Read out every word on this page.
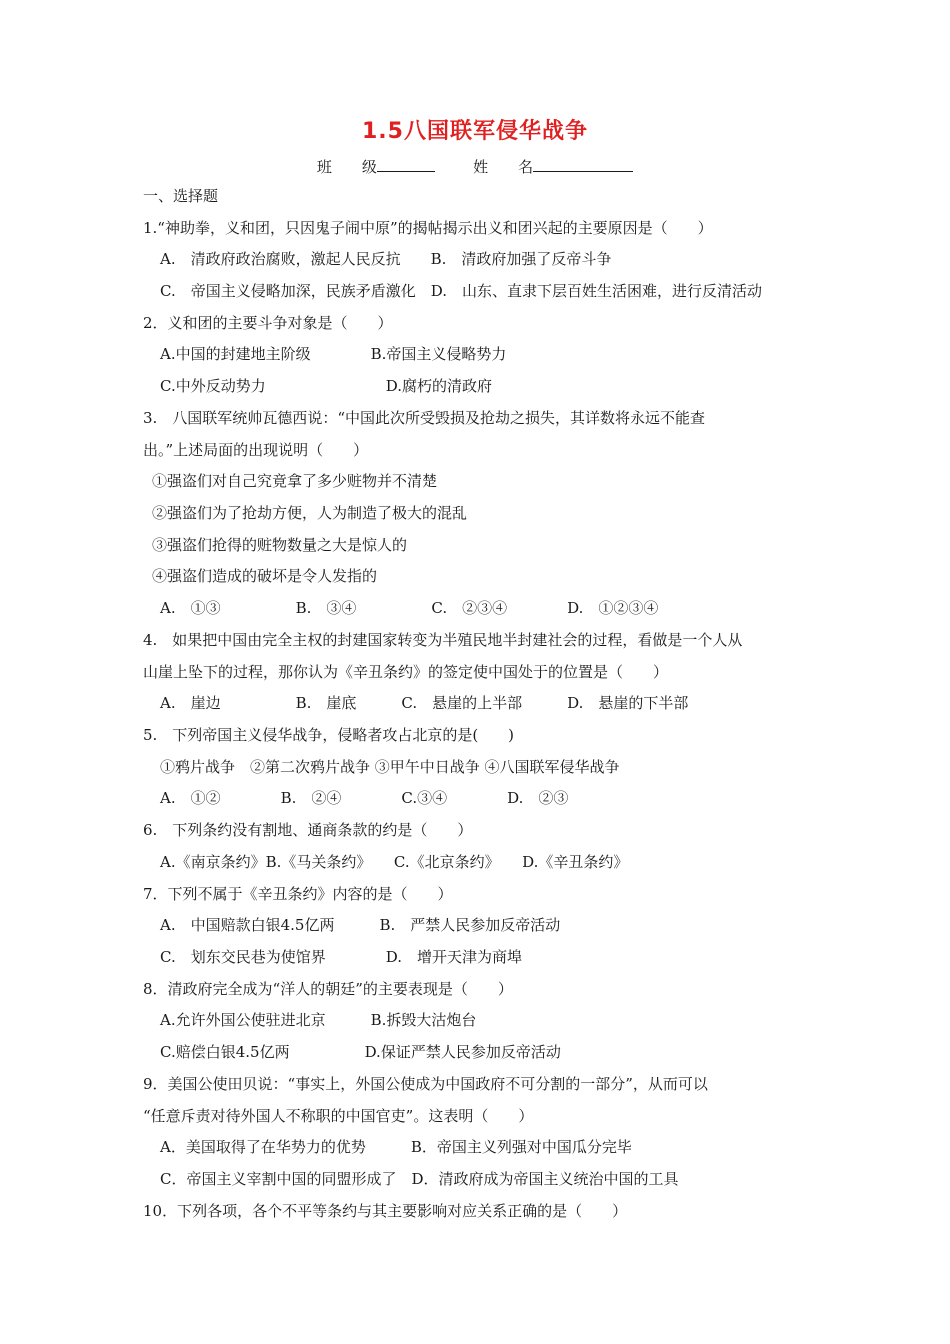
1.5八国联军侵华战争
班　　级	姓　　名
一、选择题
1.“神助拳，义和团，只因鬼子闹中原”的揭帖揭示出义和团兴起的主要原因是（　　）
A.　清政府政治腐败，激起人民反抗　　B.　清政府加强了反帝斗争
C.　帝国主义侵略加深，民族矛盾激化　D.　山东、直隶下层百姓生活困难，进行反清活动
2．义和团的主要斗争对象是（　　）
A.中国的封建地主阶级　　　　B.帝国主义侵略势力
C.中外反动势力　　　　　　　　D.腐朽的清政府
3.　八国联军统帅瓦德西说：“中国此次所受毁损及抢劫之损失，其详数将永远不能查
出。”上述局面的出现说明（　　）
①强盗们对自己究竟拿了多少赃物并不清楚
②强盗们为了抢劫方便，人为制造了极大的混乱
③强盗们抢得的赃物数量之大是惊人的
④强盗们造成的破坏是令人发指的
A.　①③　　　　　B.　③④　　　　　C.　②③④　　　　D.　①②③④
4.　如果把中国由完全主权的封建国家转变为半殖民地半封建社会的过程，看做是一个人从
山崖上坠下的过程，那你认为《辛丑条约》的签定使中国处于的位置是（　　）
A.　崖边　　　　　B.　崖底　　　C.　悬崖的上半部　　　D.　悬崖的下半部
5.　下列帝国主义侵华战争，侵略者攻占北京的是(　　)
①鸦片战争　②第二次鸦片战争 ③甲午中日战争 ④八国联军侵华战争
A.　①②　　　　B.　②④　　　　C.③④　　　　D.　②③
6.　下列条约没有割地、通商条款的约是（　　）
A.《南京条约》B.《马关条约》　　C.《北京条约》　　D.《辛丑条约》
7．下列不属于《辛丑条约》内容的是（　　）
A.　中国赔款白银4.5亿两　　　B.　严禁人民参加反帝活动
C.　划东交民巷为使馆界　　　　D.　增开天津为商埠
8．清政府完全成为“洋人的朝廷”的主要表现是（　　）
A.允许外国公使驻进北京　　　B.拆毁大沽炮台
C.赔偿白银4.5亿两　　　　　D.保证严禁人民参加反帝活动
9．美国公使田贝说：“事实上，外国公使成为中国政府不可分割的一部分”，从而可以
“任意斥责对待外国人不称职的中国官吏”。这表明（　　）
A．美国取得了在华势力的优势　　　B．帝国主义列强对中国瓜分完毕
C．帝国主义宰割中国的同盟形成了　D．清政府成为帝国主义统治中国的工具
10．下列各项，各个不平等条约与其主要影响对应关系正确的是（　　）
